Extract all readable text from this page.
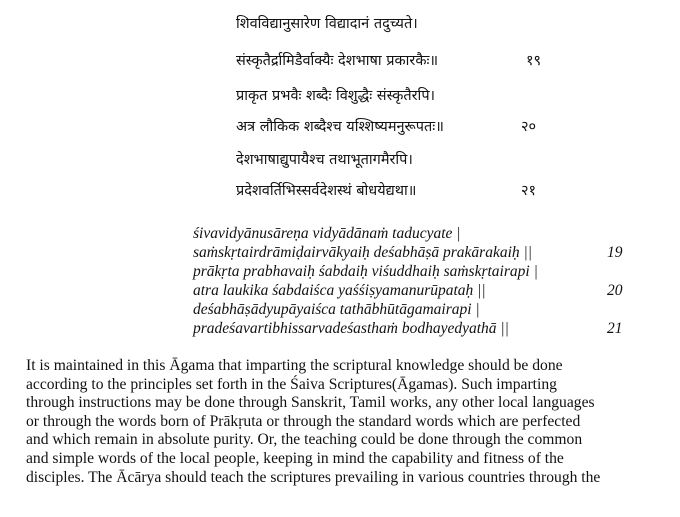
शिवविद्यानुसारेण विद्यादानं तदुच्यते।
संस्कृतैर्द्रामिडैर्वाक्यैः देशभाषा प्रकारकैः॥	१९
प्राकृत प्रभवैः शब्दैः विशुद्धैः संस्कृतैरपि।
अत्र लौकिक शब्दैश्च यश्शिष्यमनुरूपतः॥	२०
देशभाषाद्युपायैश्च तथाभूतागमैरपि।
प्रदेशवर्तिभिस्सर्वदेशस्थं बोधयेद्यथा॥	२१
śivavidyānusāreṇa vidyādānaṁ taducyate |
saṁskṛtairdrāmiḍairvākyaiḥ deśabhāṣā prakārakaiḥ ||	19
prākṛta prabhavaiḥ śabdaiḥ viśuddhaiḥ saṁskṛtairapi |
atra laukika śabdaiśca yaśśiṣyamanurūpataḥ ||	20
deśabhāṣādyupāyaiśca tathābhūtāgamairapi |
pradeśavartibhissarvadeśasthaṁ bodhayedyathā ||	21
It is maintained in this Āgama that imparting the scriptural knowledge should be done
according to the principles set forth in the Śaiva Scriptures(Āgamas). Such imparting
through instructions may be done through Sanskrit, Tamil works, any other local languages
or through the words born of Prākṛuta or through the standard words which are perfected
and which remain in absolute purity. Or, the teaching could be done through the common
and simple words of the local people, keeping in mind the capability and fitness of the
disciples. The Ācārya should teach the scriptures prevailing in various countries through the
